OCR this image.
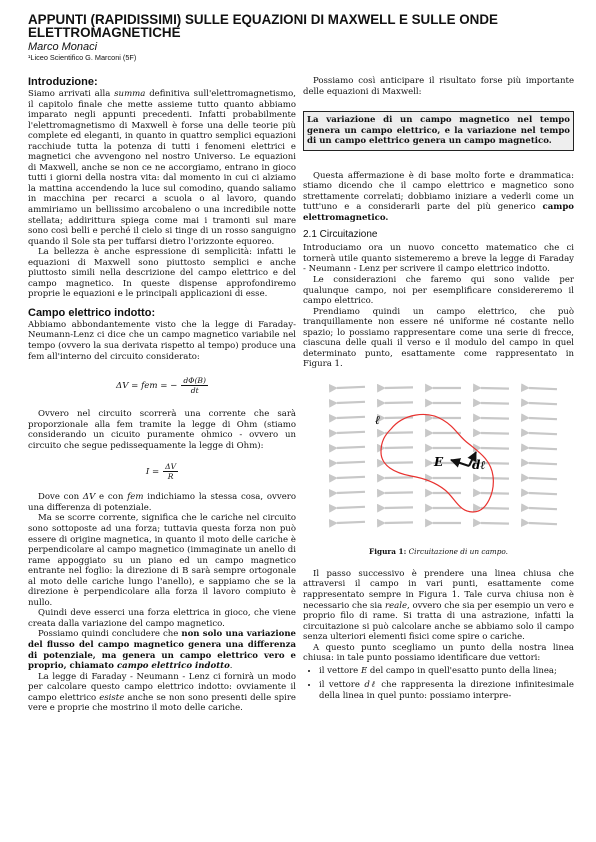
APPUNTI (RAPIDISSIMI) SULLE EQUAZIONI DI MAXWELL E SULLE ONDE ELETTROMAGNETICHE
Marco Monaci
¹Liceo Scientifico G. Marconi (5F)
Introduzione:

Siamo arrivati alla summa definitiva sull'elettromagnetismo, il capitolo finale che mette assieme tutto quanto abbiamo imparato negli appunti precedenti. Infatti probabilmente l'elettromagnetismo di Maxwell è forse una delle teorie più complete ed eleganti, in quanto in quattro semplici equazioni racchiude tutta la potenza di tutti i fenomeni elettrici e magnetici che avvengono nel nostro Universo. Le equazioni di Maxwell, anche se non ce ne accorgiamo, entrano in gioco tutti i giorni della nostra vita: dal momento in cui ci alziamo la mattina accendendo la luce sul comodino, quando saliamo in macchina per recarci a scuola o al lavoro, quando ammiriamo un bellissimo arcobaleno o una incredibile notte stellata; addirittura spiega come mai i tramonti sul mare sono così belli e perché il cielo si tinge di un rosso sanguigno quando il Sole sta per tuffarsi dietro l'orizzonte equoreo.

La bellezza è anche espressione di semplicità: infatti le equazioni di Maxwell sono piuttosto semplici e anche piuttosto simili nella descrizione del campo elettrico e del campo magnetico. In queste dispense approfondiremo proprie le equazioni e le principali applicazioni di esse.

Campo elettrico indotto:

Abbiamo abbondantemente visto che la legge di Faraday-Neumann-Lenz ci dice che un campo magnetico variabile nel tempo (ovvero la sua derivata rispetto al tempo) produce una fem all'interno del circuito considerato:

ΔV = fem = − $\frac{d\Phi(B)}{dt}$

Ovvero nel circuito scorrerà una corrente che sarà proporzionale alla fem tramite la legge di Ohm (stiamo considerando un cicuito puramente ohmico - ovvero un circuito che segue pedissequamente la legge di Ohm):

$I = \frac{\Delta V}{R}$

Dove con ΔV e con fem indichiamo la stessa cosa, ovvero una differenza di potenziale.

Ma se scorre corrente, significa che le cariche nel circuito sono sottoposte ad una forza; tuttavia questa forza non può essere di origine magnetica, in quanto il moto delle cariche è perpendicolare al campo magnetico (immaginate un anello di rame appoggiato su un piano ed un campo magnetico entrante nel foglio: la direzione di B sarà sempre ortogonale al moto delle cariche lungo l'anello), e sappiamo che se la direzione è perpendicolare alla forza il lavoro compiuto è nullo.

Quindi deve esserci una forza elettrica in gioco, che viene creata dalla variazione del campo magnetico.

Possiamo quindi concludere che non solo una variazione del flusso del campo magnetico genera una differenza di potenziale, ma genera un campo elettrico vero e proprio, chiamato campo elettrico indotto.

La legge di Faraday - Neumann - Lenz ci fornirà un modo per calcolare questo campo elettrico indotto: ovviamente il campo elettrico esiste anche se non sono presenti delle spire vere e proprie che mostrino il moto delle cariche.

Possiamo così anticipare il risultato forse più importante delle equazioni di Maxwell:

La variazione di un campo magnetico nel tempo genera un campo elettrico, e la variazione nel tempo di un campo elettrico genera un campo magnetico.

Questa affermazione è di base molto forte e drammatica: stiamo dicendo che il campo elettrico e magnetico sono strettamente correlati; dobbiamo iniziare a vederli come un tutt'uno e a considerarli parte del più generico campo elettromagnetico.

2.1 Circuitazione

Introduciamo ora un nuovo concetto matematico che ci tornerà utile quanto sistemeremo a breve la legge di Faraday - Neumann - Lenz per scrivere il campo elettrico indotto.

Le considerazioni che faremo qui sono valide per qualunque campo, noi per esemplificare considereremo il campo elettrico.

Prendiamo quindi un campo elettrico, che può tranquillamente non essere né uniforme né costante nello spazio; lo possiamo rappresentare come una serie di frecce, ciascuna delle quali il verso e il modulo del campo in quel determinato punto, esattamente come rappresentato in Figura 1.

ℓ
E dℓ
Figura 1: Circuitazione di un campo.

Il passo successivo è prendere una linea chiusa che attraversi il campo in vari punti, esattamente come rappresentato sempre in Figura 1. Tale curva chiusa non è necessario che sia reale, ovvero che sia per esempio un vero e proprio filo di rame. Si tratta di una astrazione, infatti la circuitazione si può calcolare anche se abbiamo solo il campo senza ulteriori elementi fisici come spire o cariche.

A questo punto scegliamo un punto della nostra linea chiusa: in tale punto possiamo identificare due vettori:

• il vettore E del campo in quell'esatto punto della linea;
• il vettore dℓ che rappresenta la direzione infinitesimale della linea in quel punto: possiamo interpre-
